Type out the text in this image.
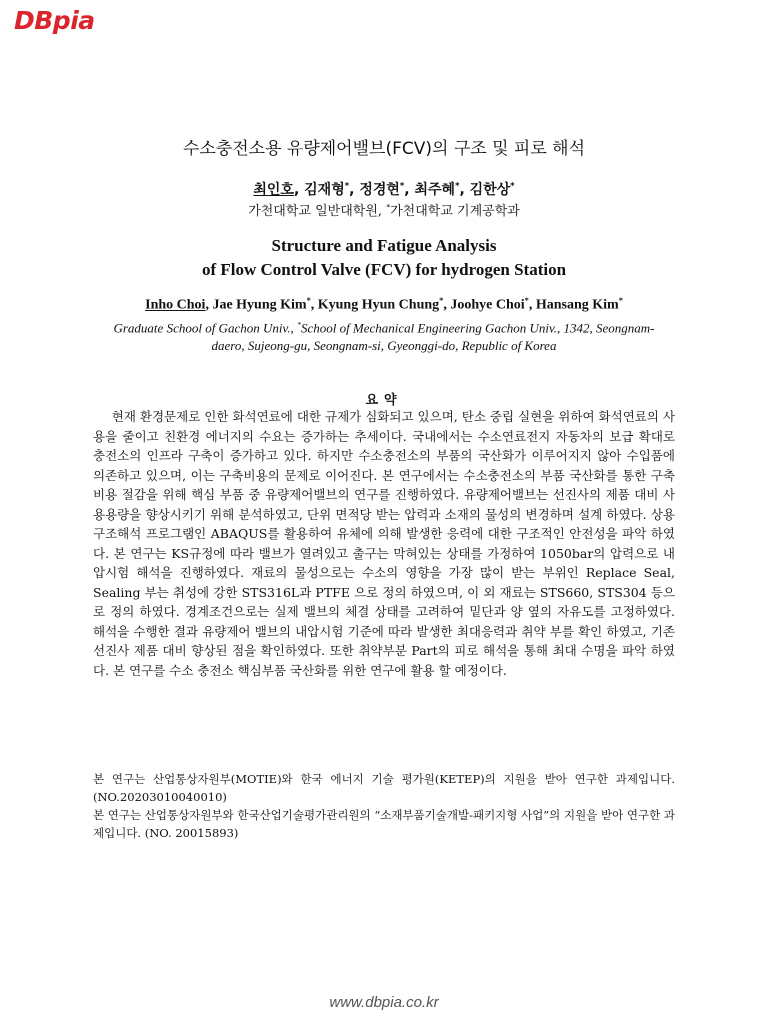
DBpia
수소충전소용 유량제어밸브(FCV)의 구조 및 피로 해석
최인호, 김재형*, 정경현*, 최주혜*, 김한상*
가천대학교 일반대학원, *가천대학교 기계공학과
Structure and Fatigue Analysis
of Flow Control Valve (FCV) for hydrogen Station
Inho Choi, Jae Hyung Kim*, Kyung Hyun Chung*, Joohye Choi*, Hansang Kim*
Graduate School of Gachon Univ., *School of Mechanical Engineering Gachon Univ., 1342, Seongnam-daero, Sujeong-gu, Seongnam-si, Gyeonggi-do, Republic of Korea
요약
현재 환경문제로 인한 화석연료에 대한 규제가 심화되고 있으며, 탄소 중립 실현을 위하여 화석연료의 사용을 줄이고 친환경 에너지의 수요는 증가하는 추세이다. 국내에서는 수소연료전지 자동차의 보급 확대로 충전소의 인프라 구축이 증가하고 있다. 하지만 수소충전소의 부품의 국산화가 이루어지지 않아 수입품에 의존하고 있으며, 이는 구축비용의 문제로 이어진다. 본 연구에서는 수소충전소의 부품 국산화를 통한 구축비용 절감을 위해 핵심 부품 중 유량제어밸브의 연구를 진행하였다. 유량제어밸브는 선진사의 제품 대비 사용용량을 향상시키기 위해 분석하였고, 단위 면적당 받는 압력과 소재의 물성의 변경하며 설계 하였다. 상용 구조해석 프로그램인 ABAQUS를 활용하여 유체에 의해 발생한 응력에 대한 구조적인 안전성을 파악 하였다. 본 연구는 KS규정에 따라 밸브가 열려있고 출구는 막혀있는 상태를 가정하여 1050bar의 압력으로 내압시험 해석을 진행하였다. 재료의 물성으로는 수소의 영향을 가장 많이 받는 부위인 Replace Seal, Sealing 부는 취성에 강한 STS316L과 PTFE 으로 정의 하였으며, 이 외 재료는 STS660, STS304 등으로 정의 하였다. 경계조건으로는 실제 밸브의 체결 상태를 고려하여 밑단과 양 옆의 자유도를 고정하였다. 해석을 수행한 결과 유량제어 밸브의 내압시험 기준에 따라 발생한 최대응력과 취약 부를 확인 하였고, 기존 선진사 제품 대비 향상된 점을 확인하였다. 또한 취약부분 Part의 피로 해석을 통해 최대 수명을 파악 하였다. 본 연구를 수소 충전소 핵심부품 국산화를 위한 연구에 활용 할 예정이다.
본 연구는 산업통상자원부(MOTIE)와 한국 에너지 기술 평가원(KETEP)의 지원을 받아 연구한 과제입니다. (NO.20203010040010)
본 연구는 산업통상자원부와 한국산업기술평가관리원의 “소재부품기술개발-패키지형 사업”의 지원을 받아 연구한 과제입니다. (NO. 20015893)
www.dbpia.co.kr
